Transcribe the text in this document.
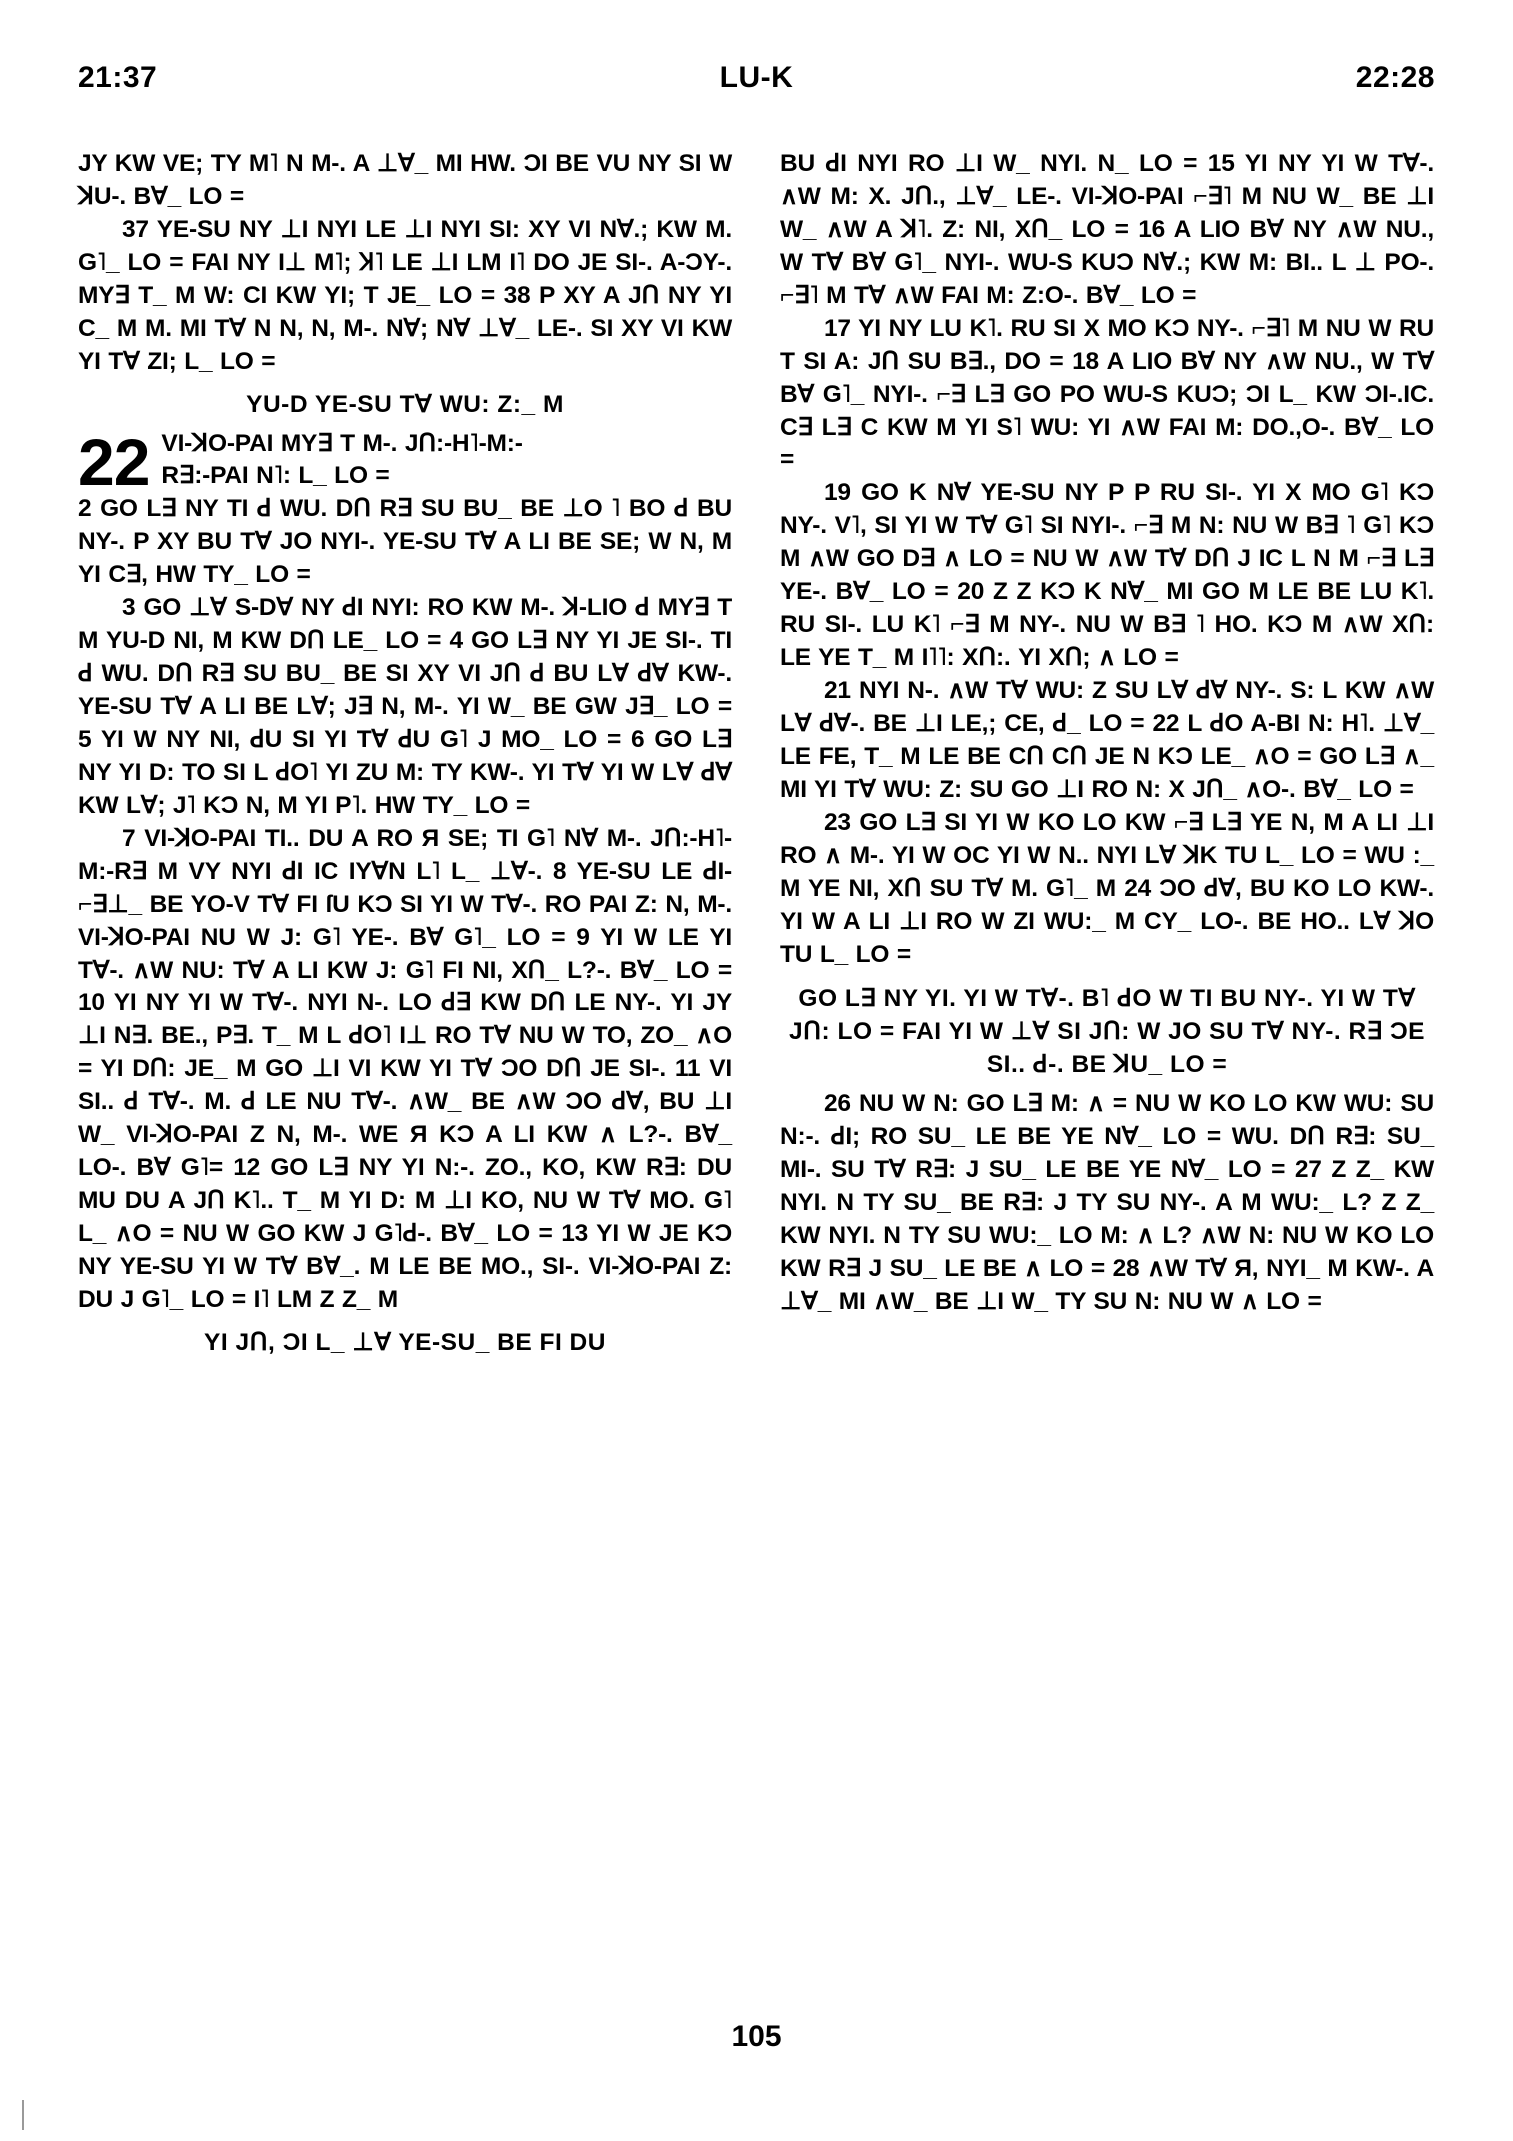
21:37	LU-K	22:28

JY KW VE; TY M˥ N M-. A ⊥∀_ MI HW. ƆI BE VU NY SI W ꓘU-. B∀_ LO =

37 YE-SU NY ⊥I NYI LE ⊥I NYI SI: XY VI N∀.; KW M. G˥_ LO = FAI NY I⊥ M˥; Ʞ˥ LE ⊥I LM I˥ DO JE SI-. A-ƆY-. MY∃ T_ M W: CI KW YI; T JE_ LO = 38 P XY A JՈ NY YI C_ M M. MI T∀ N N, N, M-. N∀; N∀ ⊥∀_ LE-. SI XY VI KW YI T∀ ZI; L_ LO =

YU-D YE-SU T∀ WU: Z:_ M
22 VI-ꓘO-PAI MY∃ T M-. JՈ:-H˥-M:-

R∃:-PAI N˥: L_ LO =

2 GO L∃ NY TI ꓒ WU. DՈ R∃ SU BU_ BE ⊥O ˥ BO ꓒ BU NY-. P XY BU T∀ JO NYI-. YE-SU T∀ A LI BE SE; W N, M YI C∃, HW TY_ LO =

3 GO ⊥∀ S-D∀ NY ꓒI NYI: RO KW M-. ꓘ-LIO ꓒ MY∃ T M YU-D NI, M KW DՈ LE_ LO = 4 GO L∃ NY YI JE SI-. TI ꓒ WU. DՈ R∃ SU BU_ BE SI XY VI JՈ ꓒ BU L∀ ꓒ∀ KW-. YE-SU T∀ A LI BE L∀; J∃ N, M-. YI W_ BE GW J∃_ LO = 5 YI W NY NI, ꓒU SI YI T∀ ꓒU G˥ J MO_ LO = 6 GO L∃ NY YI D: TO SI L ꓒO˥ YI ZU M: TY KW-. YI T∀ YI W L∀ ꓒ∀ KW L∀; J˥ KƆ N, M YI P˥. HW TY_ LO =

7 VI-ꓘO-PAI TI.. DU A RO Я SE; TI G˥ N∀ M-. JՈ:-H˥-M:-R∃ M VY NYI ꓒI IC IY∀N L˥ L_ ⊥∀-. 8 YE-SU LE ꓒI-⌐∃⊥_ BE YO-V T∀ FI ſU KƆ SI YI W T∀-. RO PAI Z: N, M-. VI-ꓘO-PAI NU W J: G˥ YE-. B∀ G˥_ LO = 9 YI W LE YI T∀-. ∧W NU: T∀ A LI KW J: G˥ FI NI, XՈ_ L?-. B∀_ LO = 10 YI NY YI W T∀-. NYI N-. LO ꓒ∃ KW DՈ LE NY-. YI JY ⊥I N∃. BE., P∃. T_ M L ꓒO˥ I⊥ RO T∀ NU W TO, ZO_ ∧O = YI DՈ: JE_ M GO ⊥I VI KW YI T∀ ƆO DՈ JE SI-. 11 VI SI.. ꓒ T∀-. M. ꓒ LE NU T∀-. ∧W_ BE ∧W ƆO ꓒ∀, BU ⊥I W_ VI-ꓘO-PAI Z N, M-. WE Я KƆ A LI KW ∧ L?-. B∀_ LO-. B∀ G˥= 12 GO L∃ NY YI N:-. ZO., KO, KW R∃: DU MU DU A JՈ K˥.. T_ M YI D: M ⊥I KO, NU W T∀ MO. G˥ L_ ∧O = NU W GO KW J G˥ꓒ-. B∀_ LO = 13 YI W JE KƆ NY YE-SU YI W T∀ B∀_. M LE BE MO., SI-. VI-ꓘO-PAI Z: DU J G˥_ LO = I˥ LM Z Z_ M

YI JՈ, ƆI L_ ⊥∀ YE-SU_ BE FI DU

BU ꓒI NYI RO ⊥I W_ NYI. N_ LO = 15 YI NY YI W T∀-. ∧W M: X. JՈ., ⊥∀_ LE-. VI-ꓘO-PAI ⌐∃˥ M NU W_ BE ⊥I W_ ∧W A ꓘ˥. Z: NI, XՈ_ LO = 16 A LIO B∀ NY ∧W NU., W T∀ B∀ G˥_ NYI-. WU-S KUƆ N∀.; KW M: BI.. L ⊥ PO-. ⌐∃˥ M T∀ ∧W FAI M: Z:O-. B∀_ LO =

17 YI NY LU K˥. RU SI X MO KƆ NY-. ⌐∃˥ M NU W RU T SI A: JՈ SU B∃., DO = 18 A LIO B∀ NY ∧W NU., W T∀ B∀ G˥_ NYI-. ⌐∃ L∃ GO PO WU-S KUƆ; ƆI L_ KW ƆI-.IC. C∃ L∃ C KW M YI S˥ WU: YI ∧W FAI M: DO.,O-. B∀_ LO =

19 GO K N∀ YE-SU NY P P RU SI-. YI X MO G˥ KƆ NY-. V˥, SI YI W T∀ G˥ SI NYI-. ⌐∃ M N: NU W B∃ ˥ G˥ KƆ M ∧W GO D∃ ∧ LO = NU W ∧W T∀ DՈ J IC L N M ⌐∃ L∃ YE-. B∀_ LO = 20 Z Z KƆ K N∀_ MI GO M LE BE LU K˥. RU SI-. LU K˥ ⌐∃ M NY-. NU W B∃ ˥ HO. KƆ M ∧W XՈ: LE YE T_ M I˥˥: XՈ:. YI XՈ; ∧ LO =

21 NYI N-. ∧W T∀ WU: Z SU L∀ ꓒ∀ NY-. S: L KW ∧W L∀ ꓒ∀-. BE ⊥I LE,; CE, ꓒ_ LO = 22 L ꓒO A-BI N: H˥. ⊥∀_ LE FE, T_ M LE BE CՈ CՈ JE N KƆ LE_ ∧O = GO L∃ ∧_ MI YI T∀ WU: Z: SU GO ⊥I RO N: X JՈ_ ∧O-. B∀_ LO =

23 GO L∃ SI YI W KO LO KW ⌐∃ L∃ YE N, M A LI ⊥I RO ∧ M-. YI W OC YI W N.. NYI L∀ ꓘK TU L_ LO = WU :_ M YE NI, XՈ SU T∀ M. G˥_ M 24 ƆO ꓒ∀, BU KO LO KW-. YI W A LI ⊥I RO W ZI WU:_ M CY_ LO-. BE HO.. L∀ ꓘO TU L_ LO =

GO L∃ NY YI. YI W T∀-. B˥ ꓒO W TI BU NY-. YI W T∀ JՈ: LO = FAI YI W ⊥∀ SI JՈ: W JO SU T∀ NY-. R∃ ƆE SI.. ꓒ-. BE ꓘU_ LO =

26 NU W N: GO L∃ M: ∧ = NU W KO LO KW WU: SU N:-. ꓒI; RO SU_ LE BE YE N∀_ LO = WU. DՈ R∃: SU_ MI-. SU T∀ R∃: J SU_ LE BE YE N∀_ LO = 27 Z Z_ KW NYI. N TY SU_ BE R∃: J TY SU NY-. A M WU:_ L? Z Z_ KW NYI. N TY SU WU:_ LO M: ∧ L? ∧W N: NU W KO LO KW R∃ J SU_ LE BE ∧ LO = 28 ∧W T∀ Я, NYI_ M KW-. A ⊥∀_ MI ∧W_ BE ⊥I W_ TY SU N: NU W ∧ LO =

105
